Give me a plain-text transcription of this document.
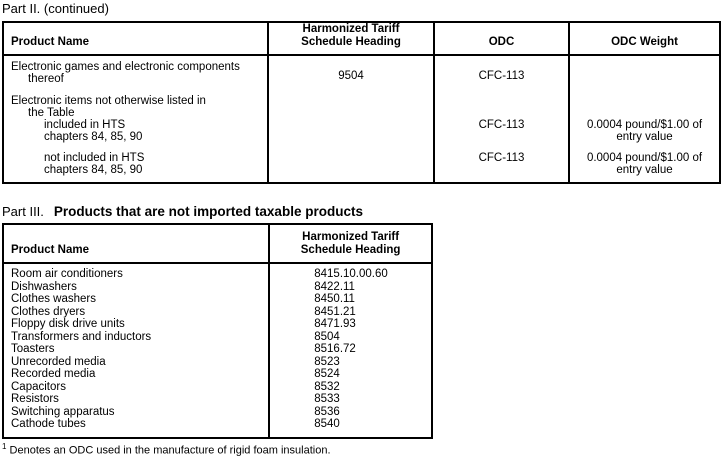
Part II. (continued)
Product Name	Harmonized Tariff
Schedule Heading	ODC	ODC Weight

Electronic games and electronic components
thereof	9504	CFC-113	

Electronic items not otherwise listed in
the Table			

included in HTS
chapters 84, 85, 90
		CFC-113	0.0004 pound/$1.00 of
entry value

not included in HTS
chapters 84, 85, 90
		CFC-113	0.0004 pound/$1.00 of
entry value
Part III. Products that are not imported taxable products
Product Name	Harmonized Tariff
Schedule Heading

Room air conditioners	8415.10.00.60
Dishwashers	8422.11
Clothes washers	8450.11
Clothes dryers	8451.21
Floppy disk drive units	8471.93
Transformers and inductors	8504
Toasters	8516.72
Unrecorded media	8523
Recorded media	8524
Capacitors	8532
Resistors	8533
Switching apparatus	8536
Cathode tubes	8540

$^1$ Denotes an ODC used in the manufacture of rigid foam insulation.
